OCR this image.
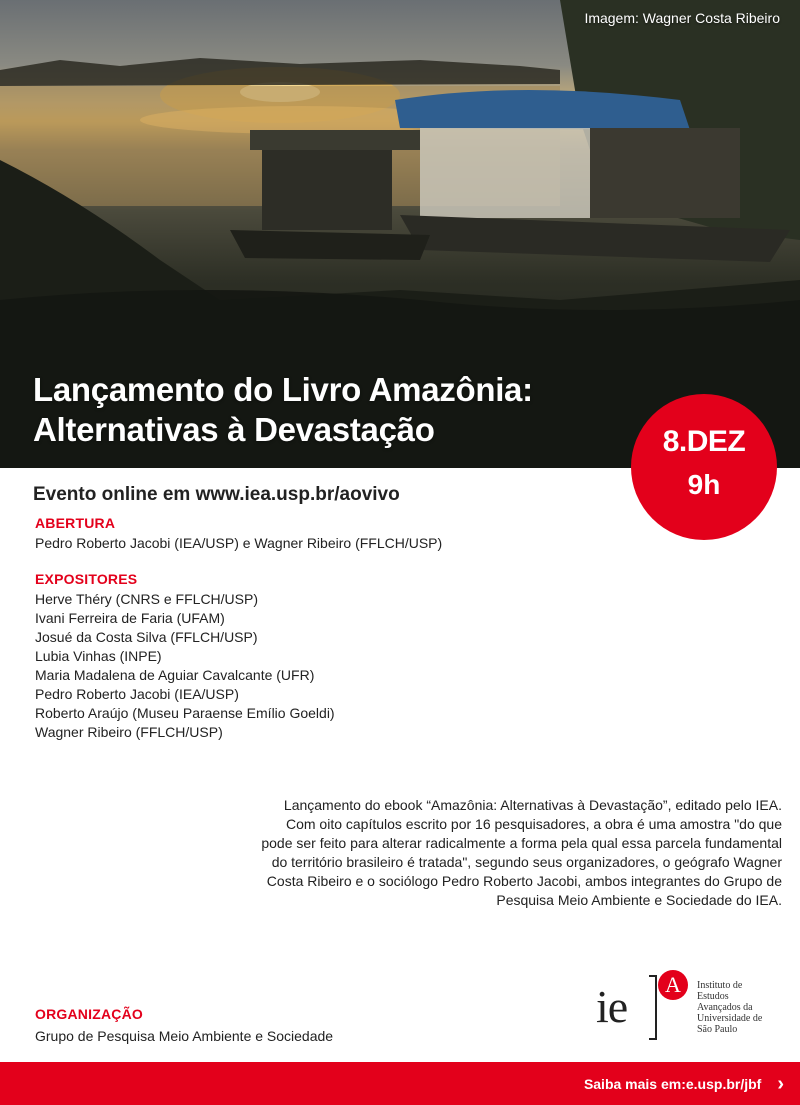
Imagem: Wagner Costa Ribeiro
Lançamento do Livro Amazônia:
Alternativas à Devastação	8.DEZ
9h
Evento online em www.iea.usp.br/aovivo
ABERTURA
Pedro Roberto Jacobi (IEA/USP) e Wagner Ribeiro (FFLCH/USP)
EXPOSITORES
Herve Théry (CNRS e FFLCH/USP)
Ivani Ferreira de Faria (UFAM)
Josué da Costa Silva (FFLCH/USP)
Lubia Vinhas (INPE)
Maria Madalena de Aguiar Cavalcante (UFR)
Pedro Roberto Jacobi (IEA/USP)
Roberto Araújo (Museu Paraense Emílio Goeldi)
Wagner Ribeiro (FFLCH/USP)
Lançamento do ebook “Amazônia: Alternativas à Devastação”, editado pelo IEA.
Com oito capítulos escrito por 16 pesquisadores, a obra é uma amostra "do que
pode ser feito para alterar radicalmente a forma pela qual essa parcela fundamental
do território brasileiro é tratada", segundo seus organizadores, o geógrafo Wagner
Costa Ribeiro e o sociólogo Pedro Roberto Jacobi, ambos integrantes do Grupo de
Pesquisa Meio Ambiente e Sociedade do IEA.
ORGANIZAÇÃO
Grupo de Pesquisa Meio Ambiente e Sociedade
ie	A	Instituto de
Estudos
Avançados da
Universidade de
São Paulo
Saiba mais em:e.usp.br/jbf ›
